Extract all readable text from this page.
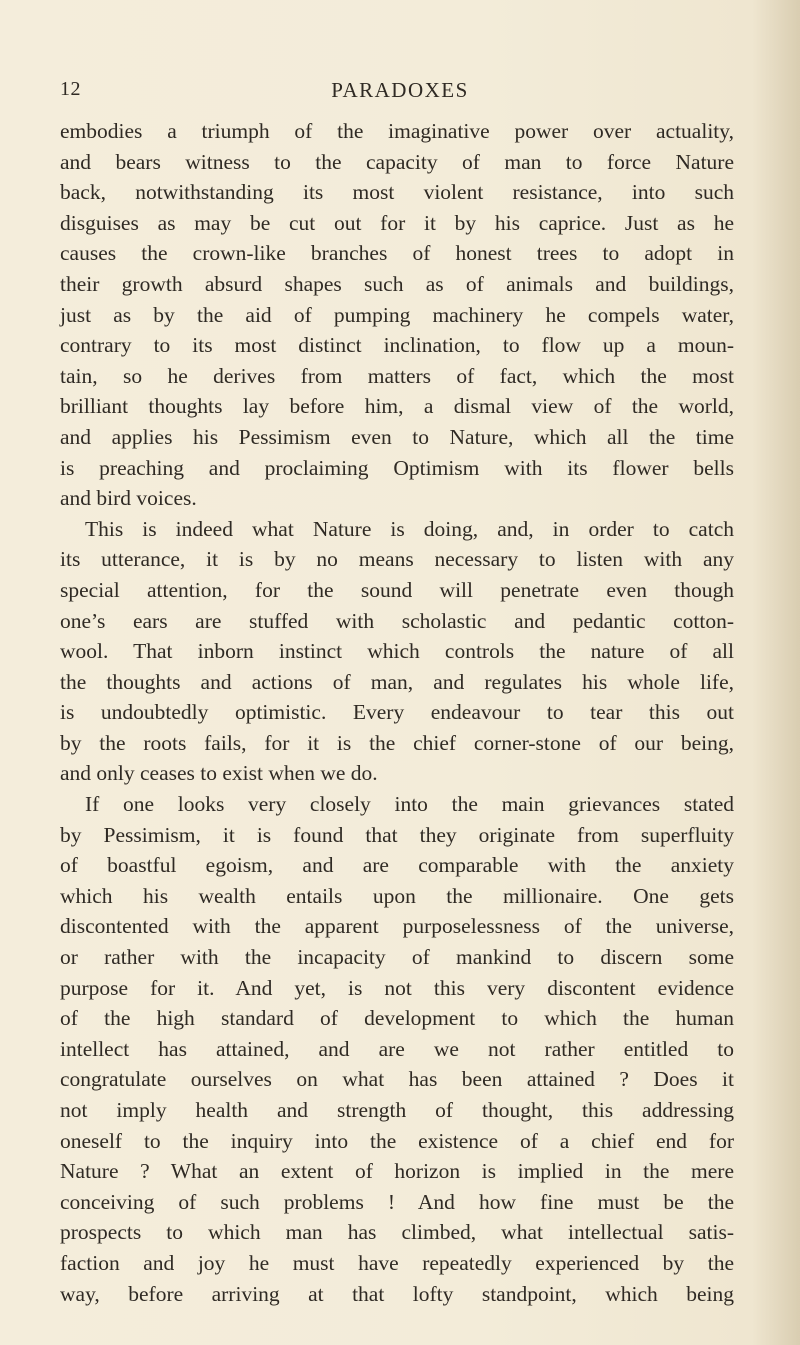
12	PARADOXES
embodies a triumph of the imaginative power over actuality,
and bears witness to the capacity of man to force Nature
back, notwithstanding its most violent resistance, into such
disguises as may be cut out for it by his caprice. Just as he
causes the crown-like branches of honest trees to adopt in
their growth absurd shapes such as of animals and buildings,
just as by the aid of pumping machinery he compels water,
contrary to its most distinct inclination, to flow up a moun-
tain, so he derives from matters of fact, which the most
brilliant thoughts lay before him, a dismal view of the world,
and applies his Pessimism even to Nature, which all the time
is preaching and proclaiming Optimism with its flower bells
and bird voices.
This is indeed what Nature is doing, and, in order to catch
its utterance, it is by no means necessary to listen with any
special attention, for the sound will penetrate even though
one’s ears are stuffed with scholastic and pedantic cotton-
wool. That inborn instinct which controls the nature of all
the thoughts and actions of man, and regulates his whole life,
is undoubtedly optimistic. Every endeavour to tear this out
by the roots fails, for it is the chief corner-stone of our being,
and only ceases to exist when we do.
If one looks very closely into the main grievances stated
by Pessimism, it is found that they originate from superfluity
of boastful egoism, and are comparable with the anxiety
which his wealth entails upon the millionaire. One gets
discontented with the apparent purposelessness of the universe,
or rather with the incapacity of mankind to discern some
purpose for it. And yet, is not this very discontent evidence
of the high standard of development to which the human
intellect has attained, and are we not rather entitled to
congratulate ourselves on what has been attained ? Does it
not imply health and strength of thought, this addressing
oneself to the inquiry into the existence of a chief end for
Nature ? What an extent of horizon is implied in the mere
conceiving of such problems ! And how fine must be the
prospects to which man has climbed, what intellectual satis-
faction and joy he must have repeatedly experienced by the
way, before arriving at that lofty standpoint, which being
